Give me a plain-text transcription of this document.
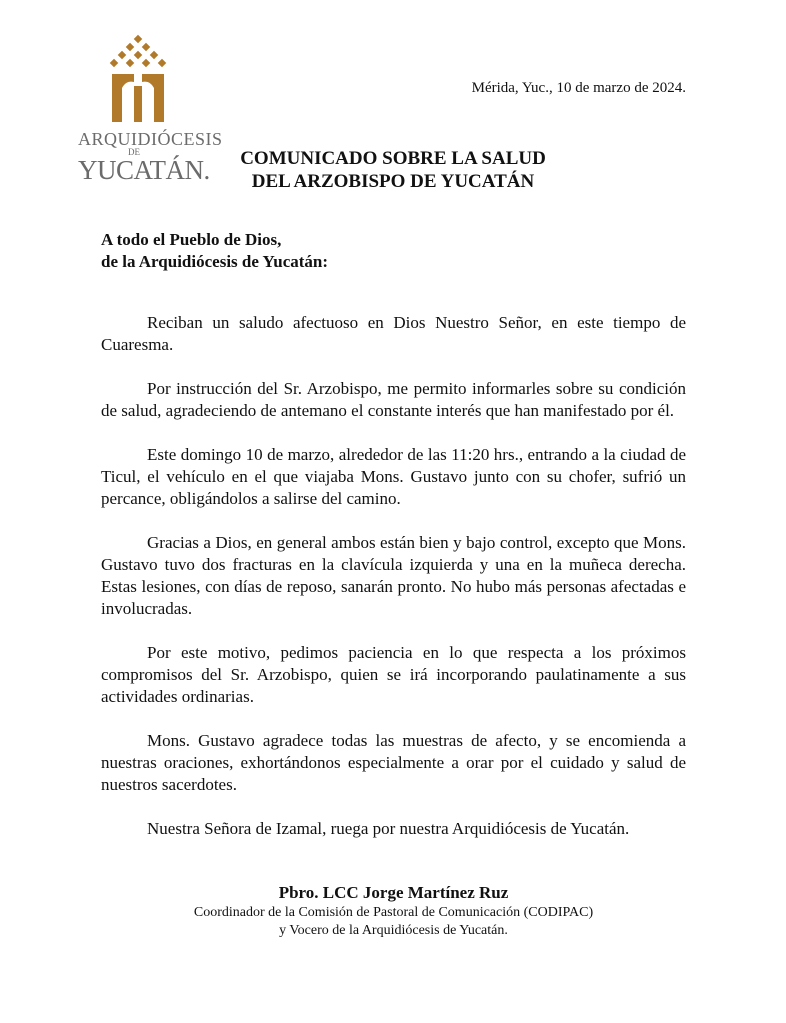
ARQUIDIÓCESIS
DE
YUCATÁN.
Mérida, Yuc., 10 de marzo de 2024.
COMUNICADO SOBRE LA SALUD
DEL ARZOBISPO DE YUCATÁN
A todo el Pueblo de Dios,
de la Arquidiócesis de Yucatán:

Reciban un saludo afectuoso en Dios Nuestro Señor, en este tiempo de Cuaresma.

Por instrucción del Sr. Arzobispo, me permito informarles sobre su condición de salud, agradeciendo de antemano el constante interés que han manifestado por él.

Este domingo 10 de marzo, alrededor de las 11:20 hrs., entrando a la ciudad de Ticul, el vehículo en el que viajaba Mons. Gustavo junto con su chofer, sufrió un percance, obligándolos a salirse del camino.

Gracias a Dios, en general ambos están bien y bajo control, excepto que Mons. Gustavo tuvo dos fracturas en la clavícula izquierda y una en la muñeca derecha. Estas lesiones, con días de reposo, sanarán pronto. No hubo más personas afectadas e involucradas.

Por este motivo, pedimos paciencia en lo que respecta a los próximos compromisos del Sr. Arzobispo, quien se irá incorporando paulatinamente a sus actividades ordinarias.

Mons. Gustavo agradece todas las muestras de afecto, y se encomienda a nuestras oraciones, exhortándonos especialmente a orar por el cuidado y salud de nuestros sacerdotes.

Nuestra Señora de Izamal, ruega por nuestra Arquidiócesis de Yucatán.

Pbro. LCC Jorge Martínez Ruz
Coordinador de la Comisión de Pastoral de Comunicación (CODIPAC)
y Vocero de la Arquidiócesis de Yucatán.
